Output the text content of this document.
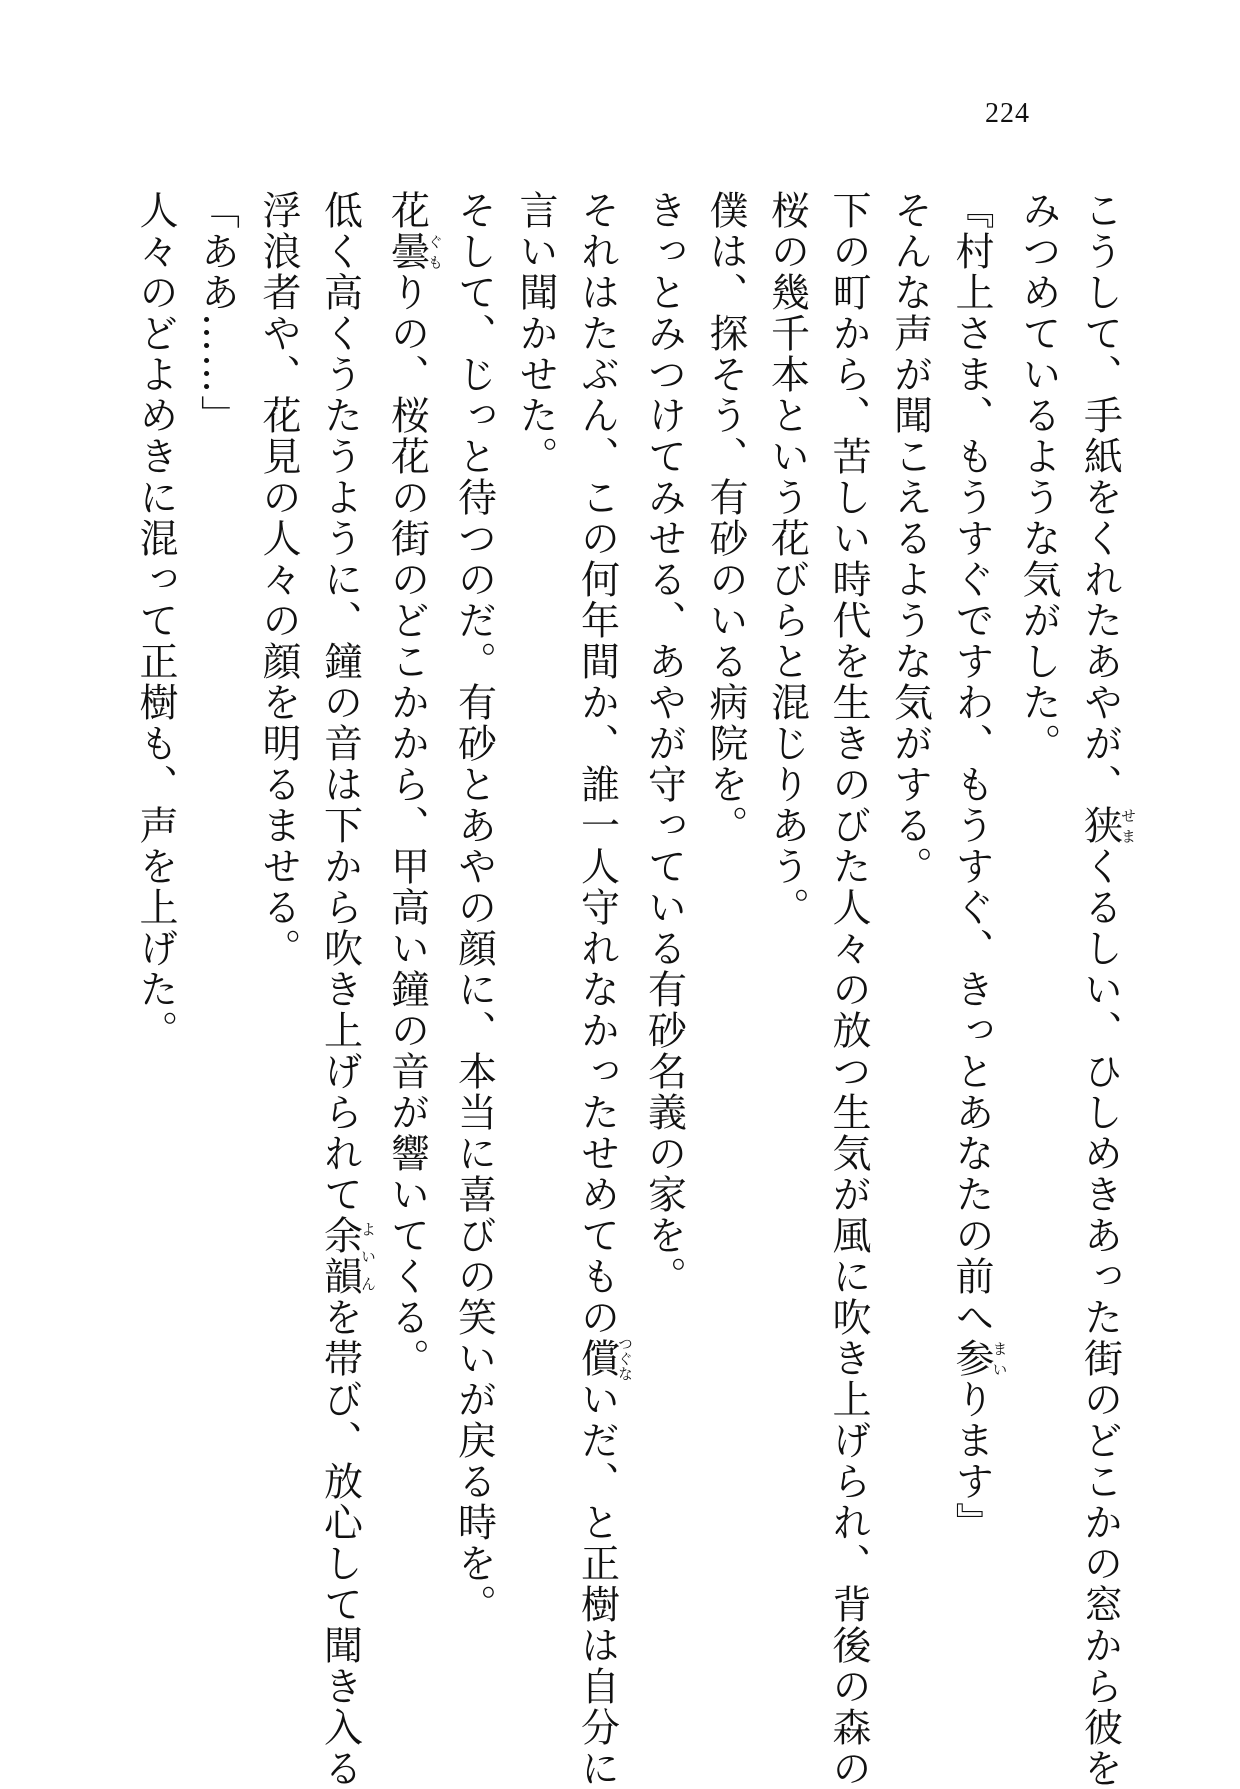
224
こうして、手紙をくれたあやが、狭せまくるしい、ひしめきあった街のどこかの窓から彼を
みつめているような気がした。
『村上さま、もうすぐですわ、もうすぐ、きっとあなたの前へ参まいります』
そんな声が聞こえるような気がする。
下の町から、苦しい時代を生きのびた人々の放つ生気が風に吹き上げられ、背後の森の
桜の幾千本という花びらと混じりあう。
僕は、探そう、有砂のいる病院を。
きっとみつけてみせる、あやが守っている有砂名義の家を。
それはたぶん、この何年間か、誰一人守れなかったせめてもの償つぐないだ、と正樹は自分に
言い聞かせた。
そして、じっと待つのだ。有砂とあやの顔に、本当に喜びの笑いが戻る時を。
花曇ぐもりの、桜花の街のどこかから、甲高い鐘の音が響いてくる。
低く高くうたうように、鐘の音は下から吹き上げられて余韻よいんを帯び、放心して聞き入る
浮浪者や、花見の人々の顔を明るませる。
「ああ……」
人々のどよめきに混って正樹も、声を上げた。
